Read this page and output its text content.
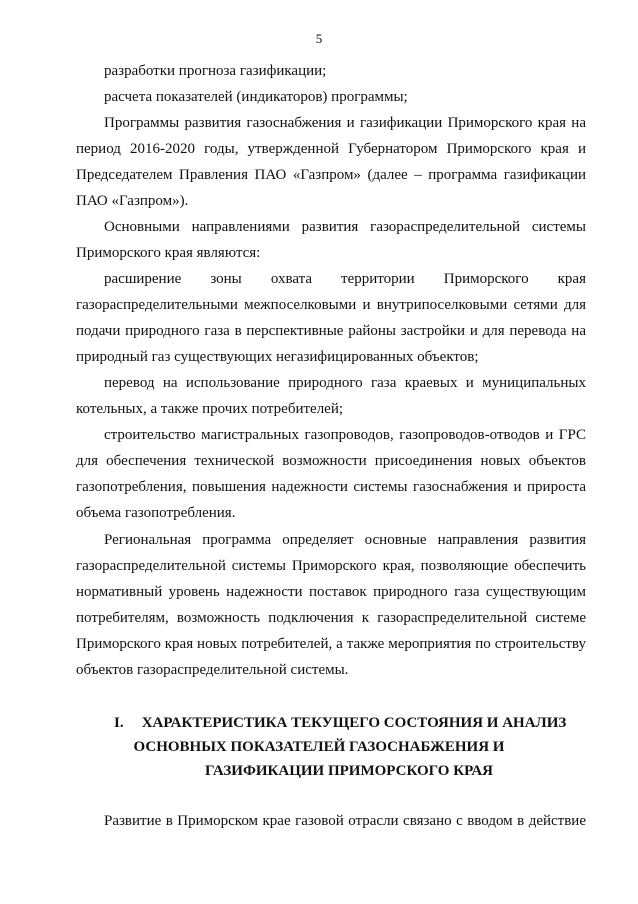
5
разработки прогноза газификации;
расчета показателей (индикаторов) программы;
Программы развития газоснабжения и газификации Приморского края на
период 2016-2020 годы, утвержденной Губернатором Приморского края и
Председателем Правления ПАО «Газпром» (далее – программа газификации
ПАО «Газпром»).
Основными направлениями развития газораспределительной системы
Приморского края являются:
расширение зоны охвата территории Приморского края
газораспределительными межпоселковыми и внутрипоселковыми сетями для
подачи природного газа в перспективные районы застройки и для перевода на
природный газ существующих негазифицированных объектов;
перевод на использование природного газа краевых и муниципальных
котельных, а также прочих потребителей;
строительство магистральных газопроводов, газопроводов-отводов и ГРС
для обеспечения технической возможности присоединения новых объектов
газопотребления, повышения надежности системы газоснабжения и прироста
объема газопотребления.
Региональная программа определяет основные направления развития
газораспределительной системы Приморского края, позволяющие обеспечить
нормативный уровень надежности поставок природного газа существующим
потребителям, возможность подключения к газораспределительной системе
Приморского края новых потребителей, а также мероприятия по строительству
объектов газораспределительной системы.
I.	ХАРАКТЕРИСТИКА ТЕКУЩЕГО СОСТОЯНИЯ И АНАЛИЗ
ОСНОВНЫХ ПОКАЗАТЕЛЕЙ ГАЗОСНАБЖЕНИЯ И
ГАЗИФИКАЦИИ ПРИМОРСКОГО КРАЯ
Развитие в Приморском крае газовой отрасли связано с вводом в действие
